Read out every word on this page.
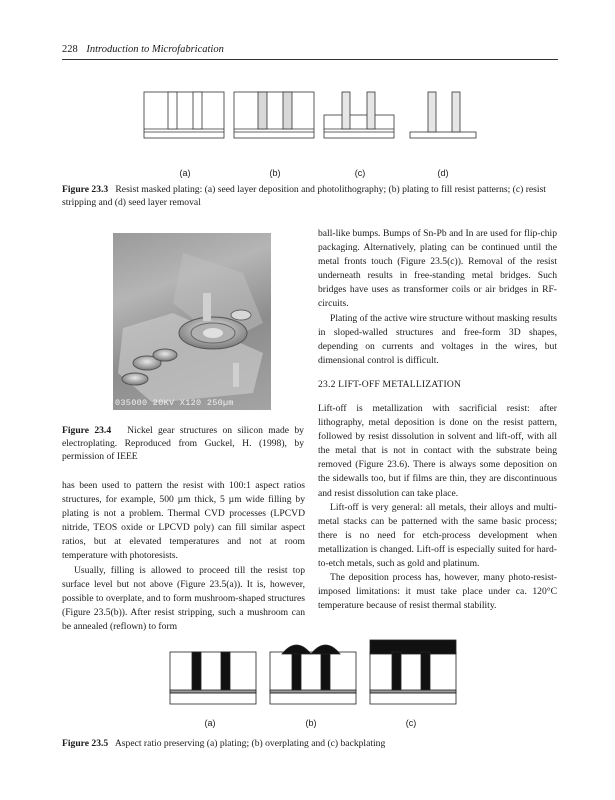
228 Introduction to Microfabrication
(a)	(b)	(c)	(d)
Figure 23.3 Resist masked plating: (a) seed layer deposition and photolithography; (b) plating to fill resist patterns; (c) resist stripping and (d) seed layer removal
035000 20KV X120 250µm
Figure 23.4 Nickel gear structures on silicon made by electroplating. Reproduced from Guckel, H. (1998), by permission of IEEE

has been used to pattern the resist with 100:1 aspect ratios structures, for example, 500 µm thick, 5 µm wide filling by plating is not a problem. Thermal CVD processes (LPCVD nitride, TEOS oxide or LPCVD poly) can fill similar aspect ratios, but at elevated temperatures and not at room temperature with photoresists.

Usually, filling is allowed to proceed till the resist top surface level but not above (Figure 23.5(a)). It is, however, possible to overplate, and to form mushroom-shaped structures (Figure 23.5(b)). After resist stripping, such a mushroom can be annealed (reflown) to form

ball-like bumps. Bumps of Sn-Pb and In are used for flip-chip packaging. Alternatively, plating can be continued until the metal fronts touch (Figure 23.5(c)). Removal of the resist underneath results in free-standing metal bridges. Such bridges have uses as transformer coils or air bridges in RF-circuits.

Plating of the active wire structure without masking results in sloped-walled structures and free-form 3D shapes, depending on currents and voltages in the wires, but dimensional control is difficult.

23.2 LIFT-OFF METALLIZATION

Lift-off is metallization with sacrificial resist: after lithography, metal deposition is done on the resist pattern, followed by resist dissolution in solvent and lift-off, with all the metal that is not in contact with the substrate being removed (Figure 23.6). There is always some deposition on the sidewalls too, but if films are thin, they are discontinuous and resist dissolution can take place.

Lift-off is very general: all metals, their alloys and multi-metal stacks can be patterned with the same basic process; there is no need for etch-process development when metallization is changed. Lift-off is especially suited for hard-to-etch metals, such as gold and platinum.

The deposition process has, however, many photo-resist-imposed limitations: it must take place under ca. 120°C temperature because of resist thermal stability.

(a)	(b)	(c)
Figure 23.5 Aspect ratio preserving (a) plating; (b) overplating and (c) backplating
